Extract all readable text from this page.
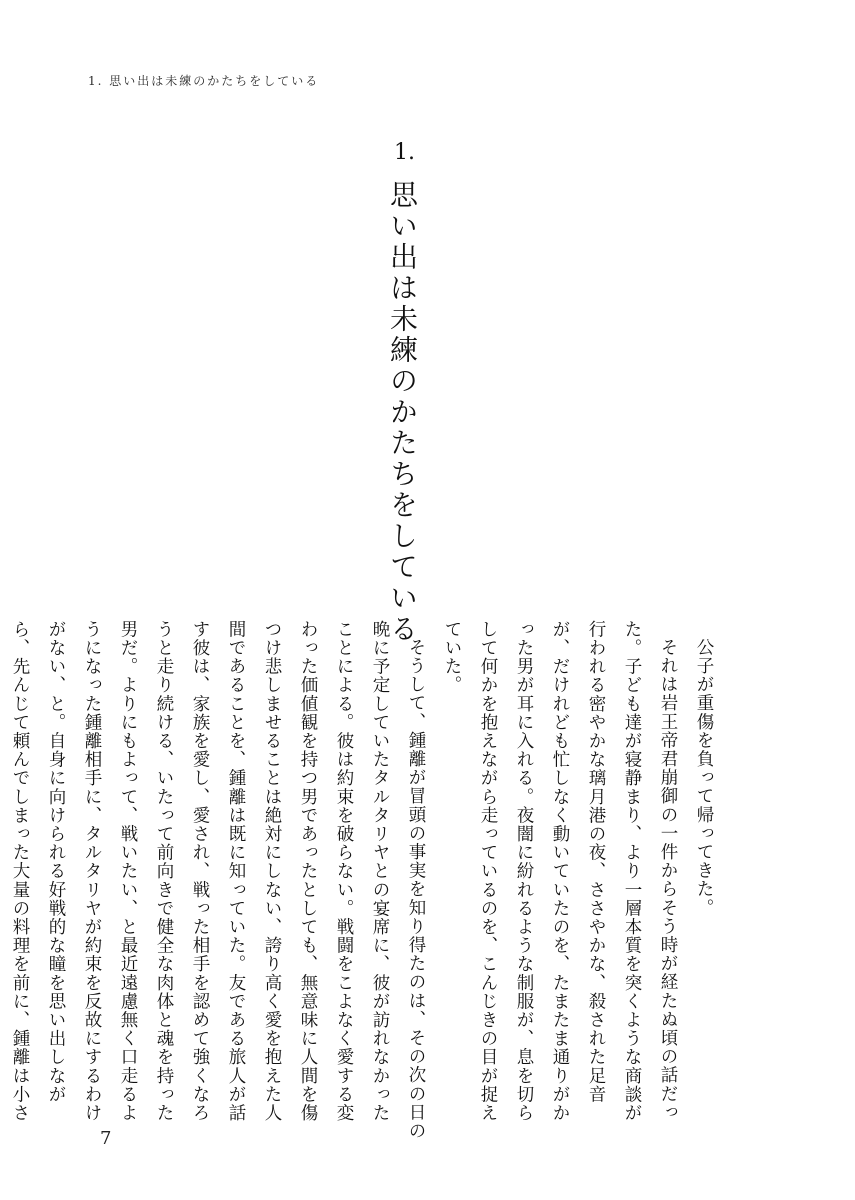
1. 思い出は未練のかたちをしている
1.
思い出は未練のかたちをしている

公子が重傷を負って帰ってきた。

それは岩王帝君崩御の一件からそう時が経たぬ頃の話だった。子ども達が寝静まり、より一層本質を突くような商談が行われる密やかな璃月港の夜、ささやかな、殺された足音が、だけれども忙しなく動いていたのを、たまたま通りがかった男が耳に入れる。夜闇に紛れるような制服が、息を切らして何かを抱えながら走っているのを、こんじきの目が捉えていた。

そうして、鍾離が冒頭の事実を知り得たのは、その次の日の晩に予定していたタルタリヤとの宴席に、彼が訪れなかったことによる。彼は約束を破らない。戦闘をこよなく愛する変わった価値観を持つ男であったとしても、無意味に人間を傷つけ悲しませることは絶対にしない、誇り高く愛を抱えた人間であることを、鍾離は既に知っていた。友である旅人が話す彼は、家族を愛し、愛され、戦った相手を認めて強くなろうと走り続ける、いたって前向きで健全な肉体と魂を持った男だ。よりにもよって、戦いたい、と最近遠慮無く口走るようになった鍾離相手に、タルタリヤが約束を反故にするわけがない、と。自身に向けられる好戦的な瞳を思い出しながら、先んじて頼んでしまった大量の料理を前に、鍾離は小さ

7
